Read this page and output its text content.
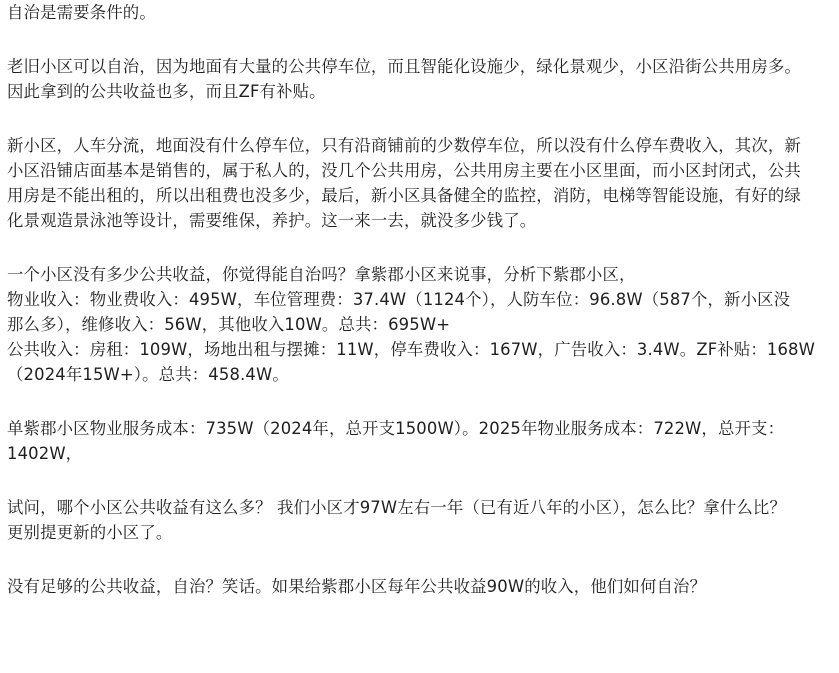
自治是需要条件的。
老旧小区可以自治，因为地面有大量的公共停车位，而且智能化设施少，绿化景观少，小区沿街公共用房多。
因此拿到的公共收益也多，而且ZF有补贴。
新小区，人车分流，地面没有什么停车位，只有沿商铺前的少数停车位，所以没有什么停车费收入，其次，新
小区沿铺店面基本是销售的，属于私人的，没几个公共用房，公共用房主要在小区里面，而小区封闭式，公共
用房是不能出租的，所以出租费也没多少，最后，新小区具备健全的监控，消防，电梯等智能设施，有好的绿
化景观造景泳池等设计，需要维保，养护。这一来一去，就没多少钱了。
一个小区没有多少公共收益，你觉得能自治吗？拿紫郡小区来说事，分析下紫郡小区，
物业收入：物业费收入：495W，车位管理费：37.4W（1124个），人防车位：96.8W（587个，新小区没
那么多），维修收入：56W，其他收入10W。总共：695W+
公共收入：房租：109W，场地出租与摆摊：11W，停车费收入：167W，广告收入：3.4W。ZF补贴：168W
（2024年15W+）。总共：458.4W。
单紫郡小区物业服务成本：735W（2024年，总开支1500W）。2025年物业服务成本：722W，总开支：
1402W，
试问，哪个小区公共收益有这么多？ 我们小区才97W左右一年（已有近八年的小区），怎么比？拿什么比？
更别提更新的小区了。
没有足够的公共收益，自治？笑话。如果给紫郡小区每年公共收益90W的收入，他们如何自治？
